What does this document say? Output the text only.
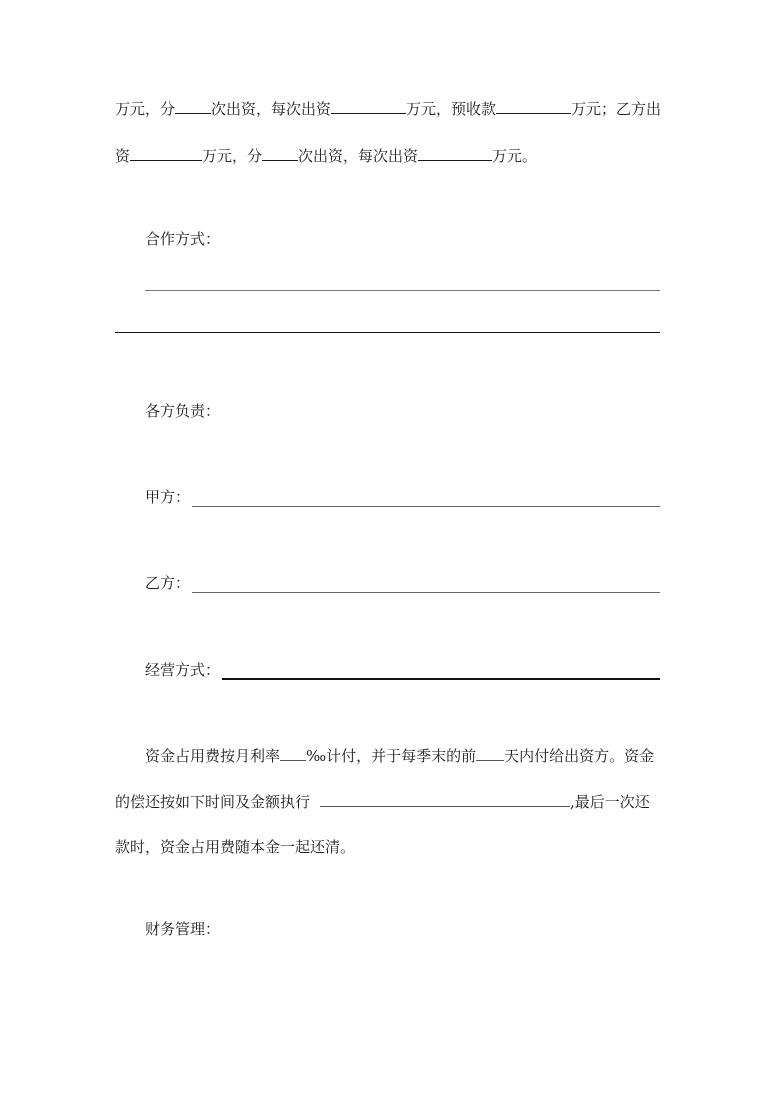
万元，分 次出资，每次出资	万元，预收款	万元；乙方出
资	万元，分 次出资，每次出资	万元。
合作方式：
各方负责：
甲方：
乙方：
经营方式：
资金占用费按月利率 ‰计付，并于每季末的前 天内付给出资方。资金
的偿还按如下时间及金额执行	,最后一次还
款时，资金占用费随本金一起还清。
财务管理：
